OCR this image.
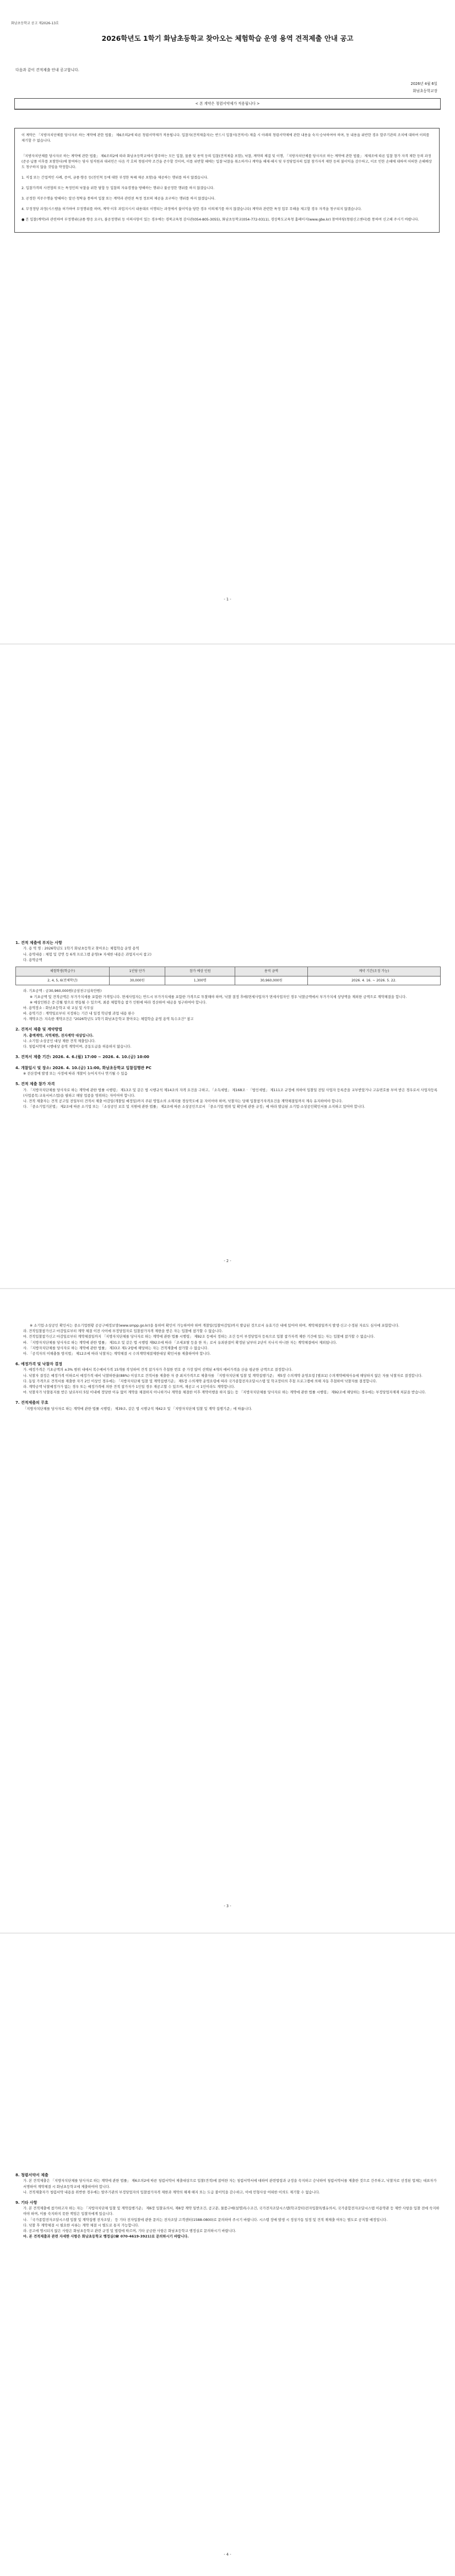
화남초등학교 공고 제2026-13호
2026학년도 1학기 화남초등학교 찾아오는 체험학습 운영 용역 견적제출 안내 공고
다음과 같이 견적제출 안내 공고합니다.
2026년 4월 6일
화남초등학교장
< 본 계약은 청렴서약제가 적용됩니다 >

이 계약은 「지방자치단체를 당사자로 하는 계약에 관한 법률」 제6조의2에 따른 청렴서약제가 적용됩니다. 입찰자(견적제출자)는 반드시 입찰서(견적서) 제출 시 아래의 청렴서약제에 관한 내용을 숙지·승낙하여야 하며, 동 내용을 위반한 경우 발주기관의 조치에 대하여 이의를 제기할 수 없습니다.

「지방자치단체를 당사자로 하는 계약에 관한 법률」 제6조의2에 따라 화남초등학교에서 발주하는 모든 입찰, 물품 및 용역 등의 입찰(견적제출 포함), 낙찰, 계약의 체결 및 이행, 「지방자치단체를 당사자로 하는 계약에 관한 법률」 제제조에 따른 입찰 참가 자격 제한 등의 과정(준공·납품 이후를 포함한다)에 참여하는 당사 임직원과 대리인은 다음 각 호의 청렴서약 조건을 준수할 것이며, 이를 위반할 때에는 입찰·낙찰을 취소하거나 계약을 해제·해지 및 부정당업자의 입찰 참가자격 제한 등의 불이익을 감수하고, 이로 인한 손해에 대하여 어떠한 손해배상도 청구하지 않을 것임을 약정합니다.

1. 직접 또는 간접적인 사례, 증여, 금품·향응 등(친인척 등에 대한 부정한 특혜 제공 포함)을 제공하는 행위를 하지 않겠습니다.

2. 입찰가격의 사전협의 또는 특정인의 낙찰을 위한 담합 등 입찰의 자유경쟁을 방해하는 행위나 불공정한 행위를 하지 않겠습니다.

3. 공정한 직무수행을 방해하는 알선·청탁을 통하여 입찰 또는 계약과 관련된 특정 정보의 제공을 요구하는 행위를 하지 않겠습니다.

4. 부정정당 과정(시스템을 허가하여 부정행위를 하며, 계약 이후 과업지시서 내용대로 이행되는 과정에서 불이익을 당한 경우 이의제기를 하지 않겠습니다) 계약과 관련한 특정 업무 무해을 제고할 경우 자격을 청구되지 않겠습니다.

● 본 입찰(계약)과 관련하여 부정행위(금품·향응 요구), 불공정행위 등 이의사항이 있는 경우에는 경북교육청 감사관(054-805-3055), 화남초등학교(054-772-0311), 경상북도교육청 홈페이지(www.gbe.kr) 참여마당(청렴신고센터)를 통하여 신고해 주시기 바랍니다.

- 1 -

1. 견적 제출에 부치는 사항

가. 용 역 명 : 2026학년도 1학기 화남초등학교 찾아오는 체험학습 운영 용역

나. 용역내용 : 체험 및 강연 등 6개 프로그램 운영(※ 자세한 내용은 과업지시서 참고)

다. 용역금액

체험학생(학급수)	1인당 단가	참가 예상 인원	용역 금액	계약 기간(조정 가능)
2, 4, 5, 6(전체학년)	30,000원	1,300명	30,960,000원	2026. 4. 16. ~ 2026. 5. 22.

라. 기초금액 : 금30,960,000원(금삼천구십육만원)

※ 기초금액 및 견적금액은 부가가치세를 포함한 가격입니다. 면세사업자는 반드시 부가가치세를 포함한 가격으로 투찰해야 하며, 낙찰 결정 후에(면세사업자가 면세사업자인 경우 낙찰금액에서 부가가치세 상당액을 제외한 금액으로 계약체결을 합니다.

※ 예상인원은 증·감될 항으로 변동될 수 있으며, 최종 체험학습 참가 인원에 따라 정산하여 대금을 청구하여야 합니다.

마. 용역장소 : 화남초등학교 내 교실 및 사무실

바. 용역기간 : 계약일로부터 지정하는 기간 내 일정 학년별 과업 내용 완수

사. 계약조건: 지속한 계약조건은 "2026학년도 1학기 화남초등학교 찾아오는 체험학습 운영 용역 특수조건" 참고

2. 견적서 제출 및 계약방법

가. 총액계약, 지역제한, 전자계약 대상입니다.

나. 소기업·소상공인 대상 제한 견적 제출입니다.

다. 청렴서약제 시행대상 용역 계약이며, 공동도급을 허용하지 않습니다.

3. 견적서 제출 기간: 2026. 4. 6.(월) 17:00 ~ 2026. 4. 10.(금) 10:00

4. 개찰일시 및 장소: 2026. 4. 10.(금) 11:00, 화남초등학교 입찰집행관 PC

※ 전산장애 발생 또는 사정에 따라 개찰이 늦어지거나 연기될 수 있음

5. 견적 제출 참가 자격

가. 「지방자치단체를 당사자로 하는 계약에 관한 법률 시행령」 제13조 및 같은 법 시행규칙 제14조의 자격 요건을 구하고, 「소득세법」 제168조 · 「법인세법」 제111조 규정에 의하여 입찰일 전일 사업자 등록증을 교부받았거나 고유번호를 부여 받은 경우로서 사업자등록(사업종목:교육서비스업)을 필하고 해당 업종을 영위하는 자이어야 합니다.

나. 견적 제출자는 견적 공고일 전일부터 견적서 제출 마감일(개찰일 예정일)까지 주된 영업소의 소재지를 경상북도에 둔 자이어야 하며, 낙찰자는 당해 입찰참가자격요건을 계약체결일까지 계속 유지하여야 합니다.

다. 「중소기업기본법」 제2조에 따른 소기업 또는 「소상공인 보호 및 지원에 관한 법률」 제2조에 따른 소상공인으로서 「중소기업 범위 및 확인에 관한 규정」에 따라 발급된 소기업·소상공인확인서를 소지하고 있어야 합니다.

- 2 -

※ 소기업·소상공인 확인서는 중소기업현황 공공구매정보망(www.smpp.go.kr)을 통하여 확인이 가능하여야 하며 개찰일(입찰마감일)까지 발급된 것으로서 유효기간 내에 있어야 하며, 계약체결일까지 발생·신고·수정된 자료도 심사에 포함합니다.

라. 견적입찰참가신고 마감일로부터 계약 체결 이전 사이에 부정당업자로 입찰참가자격 제한을 받은 자는 입찰에 참가할 수 없습니다.

마. 견적입찰참가신고 마감일로부터 계약체결일까지 「지방자치단체를 당사자로 하는 계약에 관한 법률 시행령」 제92조 등에서 정하는 조건 등이 부정당업자 등록으로 입찰 참가자격 제한 기간에 있는 자는 입찰에 참가할 수 없습니다.

바. 「지방자치단체를 당사자로 하는 계약에 관한 법률」 제31조 및 같은 법 시행령 제92조에 따라 「조세포탈 등을 한 자」로서 유죄판결이 확정된 날부터 2년이 지나지 아니한 자는 계약체결에서 제외됩니다.

사. 「지방자치단체를 당사자로 하는 계약에 관한 법률」 제33조 제1·2항에 해당하는 자는 견적제출에 참가할 수 없습니다.

아. 「공직자의 이해충돌 방지법」 제12조에 따라 낙찰자는 계약체결 시 수의계약체결제한대상 확인서를 제출하여야 합니다.

6. 예정가격 및 낙찰자 결정

가. 예정가격은 기초금액의 ±3% 범위 내에서 복수예비가격 15개를 작성하여 견적 참가자가 추첨한 번호 중 가장 많이 선택된 4개의 예비가격을 산술 평균한 금액으로 결정합니다.

나. 낙찰자 결정은 예정가격 이하로서 예정가격 대비 낙찰하한율(88%) 이상으로 견적서를 제출한 자 중 최저가격으로 제출자를 「지방자치단체 입찰 및 계약집행기준」 제5장 수의계약 운영요령 [별표1] 수의계약배제사유에 해당하지 않은 자를 낙찰자로 결정합니다.

다. 동일 가격으로 견적서를 제출한 자가 2인 이상인 경우에는 「지방자치단체 입찰 및 계약집행기준」 제5장 수의계약 운영요령에 따라 국가종합전자조달시스템 및 학교장터의 추첨 프로그램에 의해 자동 추첨하여 낙찰자를 결정합니다.

라. 계약금액 낙찰예정가가 없는 경우 또는 예정가격에 의한 견적 참가자가 1인일 경우 재공고할 수 있으며, 재공고 시 1인이라도 계약합니다.

마. 낙찰자가 낙찰통지를 받은 날로부터 5일 이내에 정당한 이유 없이 계약을 체결하지 아니하거나 계약을 체결한 이후 계약이행을 하지 않는 등 「지방자치단체를 당사자로 하는 계약에 관한 법률 시행령」 제92조에 해당하는 경우에는 부정당업자제재 처분을 받습니다.

7. 견적제출의 무효

「지방자치단체를 당사자로 하는 계약에 관한 법률 시행령」 제39조, 같은 법 시행규칙 제42조 및 「지방자치단체 입찰 및 계약 집행기준」에 따릅니다.

- 3 -

8. 청렴서약서 제출

가. 본 견적제출은 「지방자치단체를 당사자로 하는 계약에 관한 법률」 제6조의2에 따른 청렴서약서 제출대상으로 입찰(견적)에 참여한 자는 청렴서약서에 대하여 관련법령과 규정을 숙지하고 승낙하여 청렴서약서를 제출한 것으로 간주하고, 낙찰자로 선정된 업체는 대표자가 서명하여 계약체결 시 화남초등학교에 제출하여야 합니다.

나. 견적제출자가 청렴서약 내용을 위반한 경우에는 발주기관의 부정당업자의 입찰참가자격 제한과 계약의 해제·해지 또는 도급 불이익을 감수하고, 이에 민형사상 어떠한 이의도 제기할 수 없습니다.

9. 기타 사항

가. 본 견적제출에 참가하고자 하는 자는 「지방자치단체 입찰 및 계약집행기준」 제6장 입찰유의서, 제8장 계약 일반조건, 공고문, 물품구매(설명)특수조건, 국가전자조달시스템(학교장터)전자입찰특별유의서, 국가종합전자조달시스템 이용약관 등 제반 사항을 입찰 전에 숙지하여야 하며, 이를 숙지하지 못한 책임은 입찰자에게 있습니다.

나. 「국가종합전자조달시스템 입찰 및 계약집행 전자조달」 등 기타 전자입찰에 관한 문의는 전자조달 고객센터(1588-0800)로 문의하여 주시기 바랍니다. 시스템 장애 발생 시 정상가동 일정 및 견적 재제출 여부는 별도로 공지할 예정입니다.

다. 낙찰 후 계약체결 시 필요한 서류는 계약 체결 시 별도로 통지 가능합니다.

라. 공고에 명시되지 않은 사항은 화남초등학교 관련 규정 및 법령에 따르며, 기타 궁금한 사항은 화남초등학교 행정실로 문의하시기 바랍니다.

마. 본 견적제출과 관련 자세한 사항은 화남초등학교 행정실(☎ 070-4619-3921)로 문의하시기 바랍니다.

- 4 -
